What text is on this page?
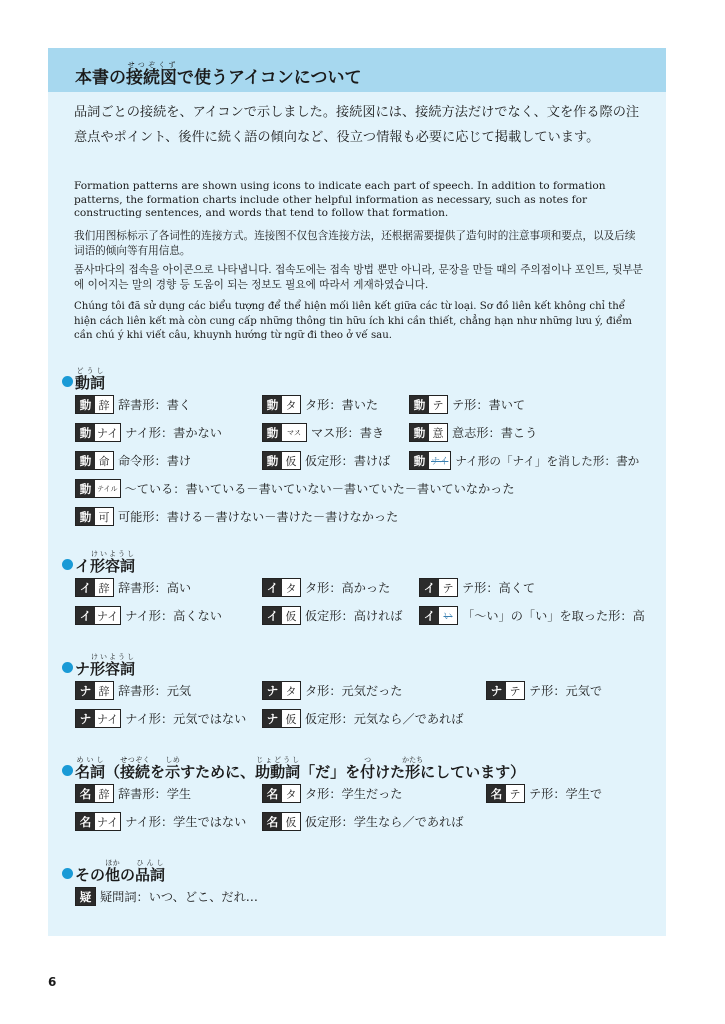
本書の接続図せつぞくずで使うアイコンについて
品詞ごとの接続を、アイコンで示しました。接続図には、接続方法だけでなく、文を作る際の注意点やポイント、後件に続く語の傾向など、役立つ情報も必要に応じて掲載しています。
Formation patterns are shown using icons to indicate each part of speech. In addition to formation patterns, the formation charts include other helpful information as necessary, such as notes for constructing sentences, and words that tend to follow that formation.
我们用图标标示了各词性的连接方式。连接图不仅包含连接方法，还根据需要提供了造句时的注意事项和要点，以及后续词语的倾向等有用信息。
품사마다의 접속을 아이콘으로 나타냅니다. 접속도에는 접속 방법 뿐만 아니라, 문장을 만들 때의 주의점이나 포인트, 뒷부분에 이어지는 말의 경향 등 도움이 되는 정보도 필요에 따라서 게재하였습니다.
Chúng tôi đã sử dụng các biểu tượng để thể hiện mối liên kết giữa các từ loại. Sơ đồ liên kết không chỉ thể hiện cách liên kết mà còn cung cấp những thông tin hữu ích khi cần thiết, chẳng hạn như những lưu ý, điểm cần chú ý khi viết câu, khuynh hướng từ ngữ đi theo ở vế sau.
動詞どうし
動 辞 辞書形：書く	動 タ タ形：書いた	動 テ テ形：書いて
動 ナイ ナイ形：書かない	動	マス マス形：書き	動 意 意志形：書こう
動 命 命令形：書け	動 仮 仮定形：書けば	動 ナイ ナイ形の「ナイ」を消した形：書か
動 テイル ～ている：書いている－書いていない－書いていた－書いていなかった
動 可 可能形：書ける－書けない－書けた－書けなかった
イ形容詞けいようし
イ 辞 辞書形：高い	イ タ タ形：高かった	イ テ テ形：高くて
イ ナイ ナイ形：高くない	イ 仮 仮定形：高ければ	イ い 「～い」の「い」を取った形：高
ナ形容詞けいようし
ナ 辞 辞書形：元気	ナ タ タ形：元気だった	ナ テ テ形：元気で
ナ ナイ ナイ形：元気ではない	ナ 仮 仮定形：元気なら／であれば
名詞めいし（接続せつぞくを示しめすために、助動詞じょどうし「だ」を付つけた形かたちにしています）
名 辞 辞書形：学生	名 タ タ形：学生だった	名 テ テ形：学生で
名 ナイ ナイ形：学生ではない	名 仮 仮定形：学生なら／であれば
その他ほかの品詞ひんし
疑 疑問詞：いつ、どこ、だれ…
6
